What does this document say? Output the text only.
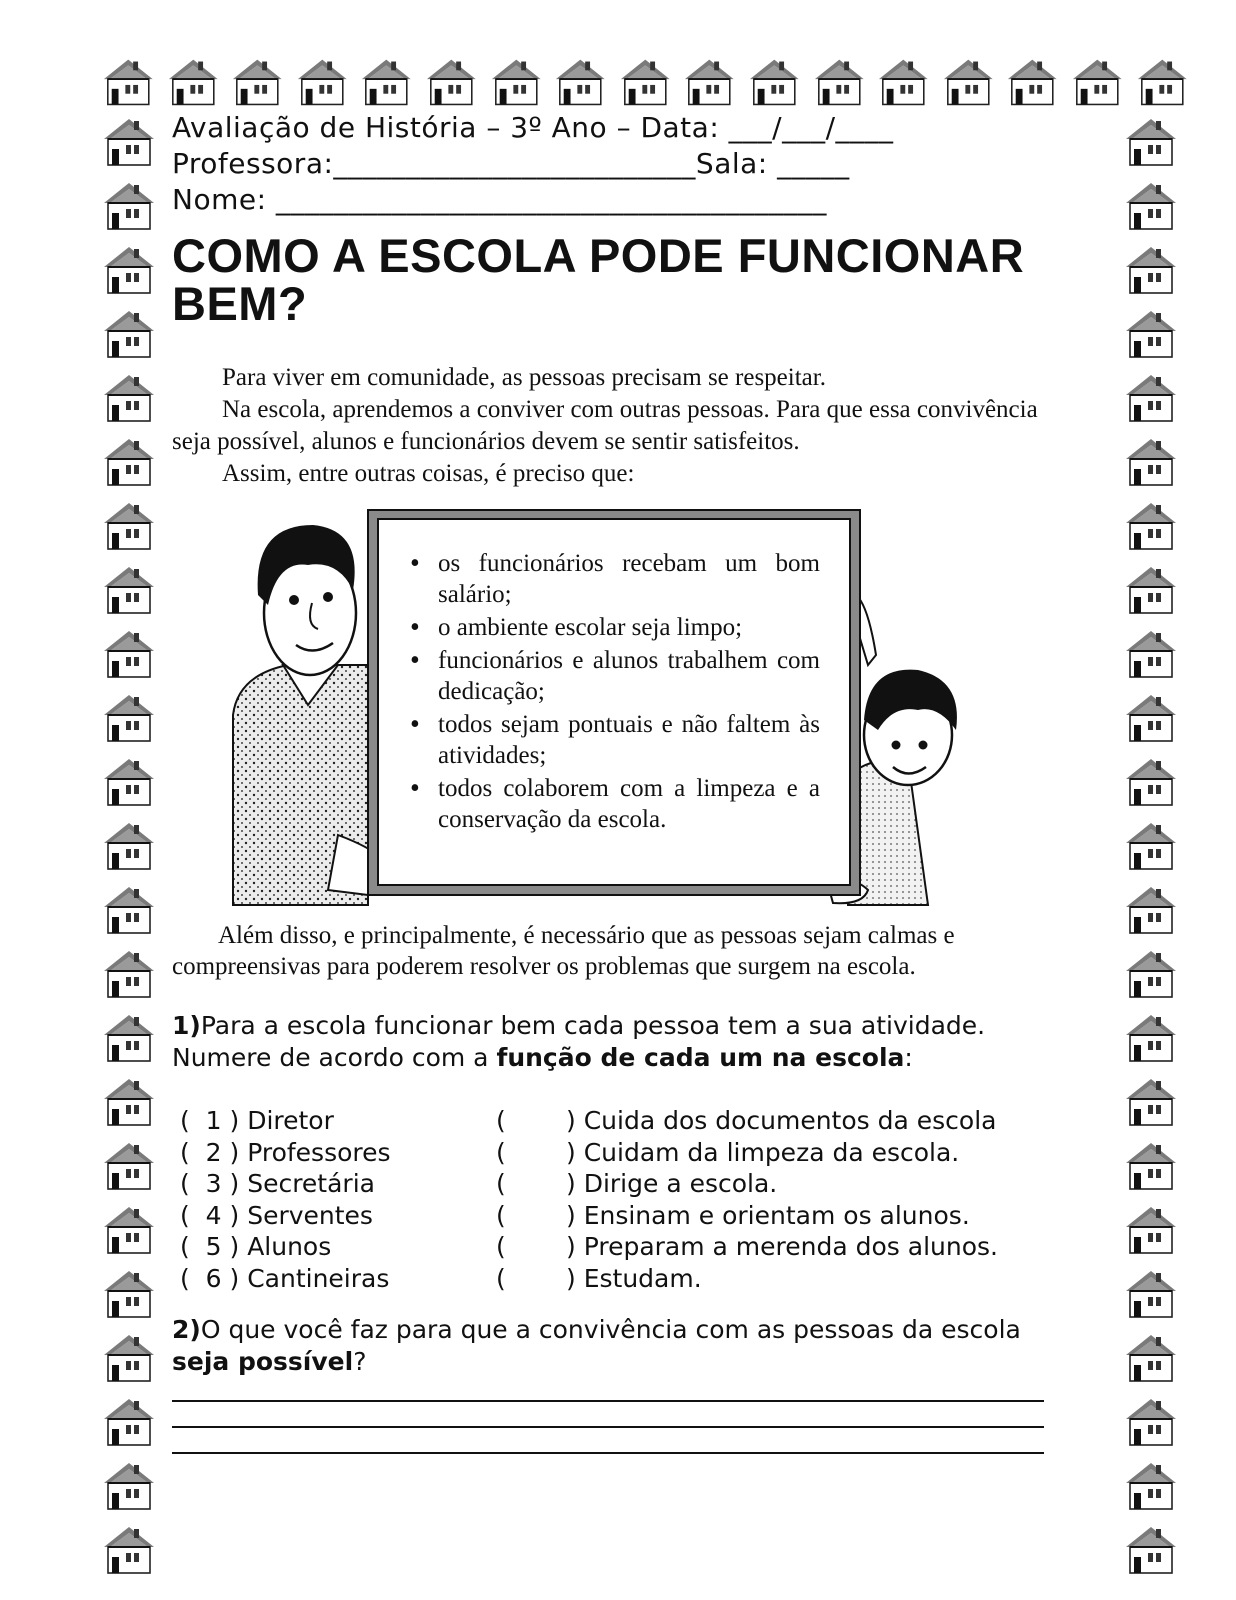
Avaliação de História – 3º Ano – Data: ___/___/____
Professora:_________________________Sala: _____
Nome: ______________________________________
COMO A ESCOLA PODE FUNCIONAR BEM?

Para viver em comunidade, as pessoas precisam se respeitar.

Na escola, aprendemos a conviver com outras pessoas. Para que essa convivência seja possível, alunos e funcionários devem se sentir satisfeitos.

Assim, entre outras coisas, é preciso que:

• os funcionários recebam um bom salário;
• o ambiente escolar seja limpo;
• funcionários e alunos trabalhem com dedicação;
• todos sejam pontuais e não faltem às atividades;
• todos colaborem com a limpeza e a conservação da escola.

Além disso, e principalmente, é necessário que as pessoas sejam calmas e compreensivas para poderem resolver os problemas que surgem na escola.

1)Para a escola funcionar bem cada pessoa tem a sua atividade. Numere de acordo com a função de cada um na escola:
(  1 ) Diretor	( ) Cuida dos documentos da escola
(  2 ) Professores	( ) Cuidam da limpeza da escola.
(  3 ) Secretária	( ) Dirige a escola.
(  4 ) Serventes	( ) Ensinam e orientam os alunos.
(  5 ) Alunos	( ) Preparam a merenda dos alunos.
(  6 ) Cantineiras	( ) Estudam.
2)O que você faz para que a convivência com as pessoas da escola seja possível?
